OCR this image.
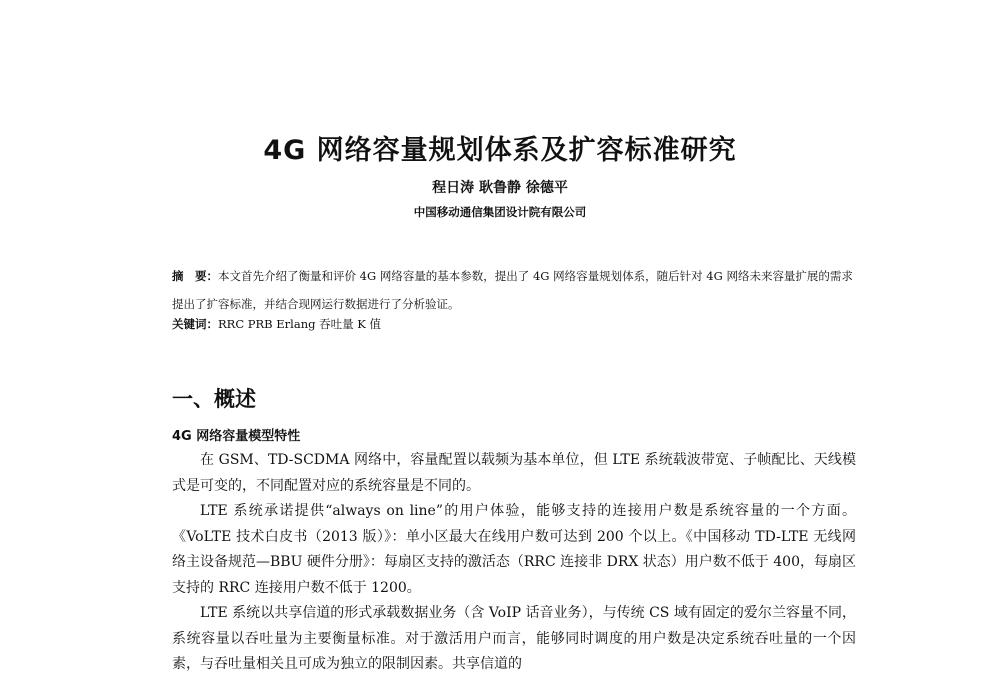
4G 网络容量规划体系及扩容标准研究
程日涛 耿鲁静 徐德平
中国移动通信集团设计院有限公司
摘　要：本文首先介绍了衡量和评价 4G 网络容量的基本参数，提出了 4G 网络容量规划体系，随后针对 4G 网络未来容量扩展的需求提出了扩容标准，并结合现网运行数据进行了分析验证。
关键词：RRC PRB Erlang 吞吐量 K 值
一、概述
4G 网络容量模型特性

在 GSM、TD-SCDMA 网络中，容量配置以载频为基本单位，但 LTE 系统载波带宽、子帧配比、天线模式是可变的，不同配置对应的系统容量是不同的。

LTE 系统承诺提供“always on line”的用户体验，能够支持的连接用户数是系统容量的一个方面。《VoLTE 技术白皮书（2013 版）》：单小区最大在线用户数可达到 200 个以上。《中国移动 TD-LTE 无线网络主设备规范—BBU 硬件分册》：每扇区支持的激活态（RRC 连接非 DRX 状态）用户数不低于 400，每扇区支持的 RRC 连接用户数不低于 1200。

LTE 系统以共享信道的形式承载数据业务（含 VoIP 话音业务），与传统 CS 域有固定的爱尔兰容量不同，系统容量以吞吐量为主要衡量标准。对于激活用户而言，能够同时调度的用户数是决定系统吞吐量的一个因素，与吞吐量相关且可成为独立的限制因素。共享信道的
